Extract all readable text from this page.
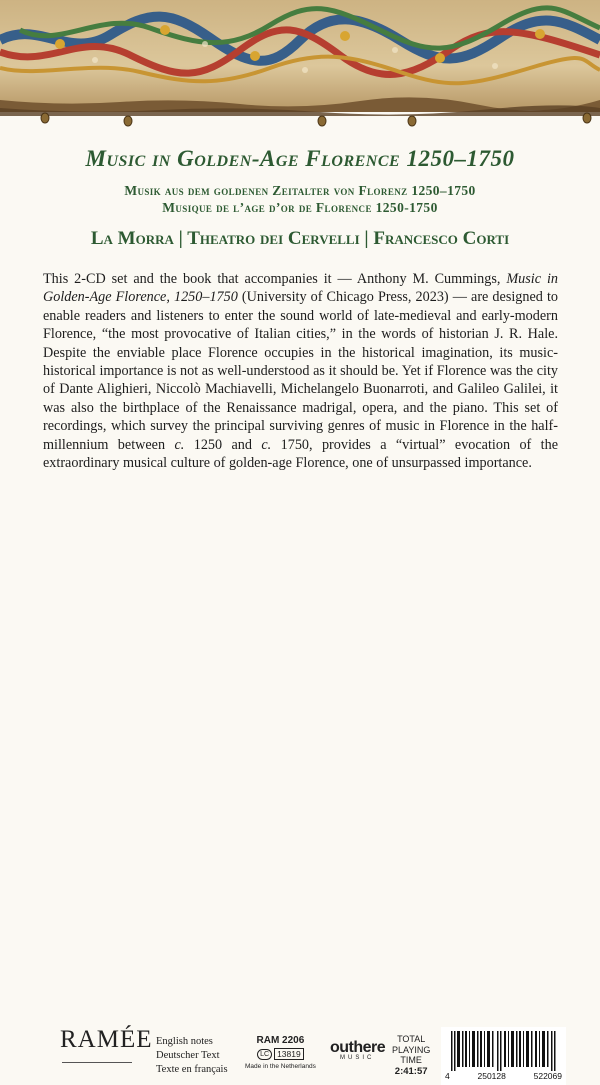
Music in Golden-Age Florence 1250–1750
Musik aus dem goldenen Zeitalter von Florenz 1250–1750
Musique de l’age d’or de Florence 1250-1750
La Morra | Theatro dei Cervelli | Francesco Corti
This 2-CD set and the book that accompanies it — Anthony M. Cummings, Music in Golden-Age Florence, 1250–1750 (University of Chicago Press, 2023) — are designed to enable readers and listeners to enter the sound world of late-medieval and early-modern Florence, “the most provocative of Italian cities,” in the words of historian J. R. Hale. Despite the enviable place Florence occupies in the historical imagination, its music-historical importance is not as well-understood as it should be. Yet if Florence was the city of Dante Alighieri, Niccolò Machiavelli, Michelangelo Buonarroti, and Galileo Galilei, it was also the birthplace of the Renaissance madrigal, opera, and the piano. This set of recordings, which survey the principal surviving genres of music in Florence in the half-millennium between c. 1250 and c. 1750, provides a “virtual” evocation of the extraordinary musical culture of golden-age Florence, one of unsurpassed importance.
RAMÉE English notes
Deutscher Text
Texte en français
RAM 2206
LC 13819
Made in the Netherlands
outhere
MUSIC
TOTAL
PLAYING
TIME
2:41:57	4	250128	522069
